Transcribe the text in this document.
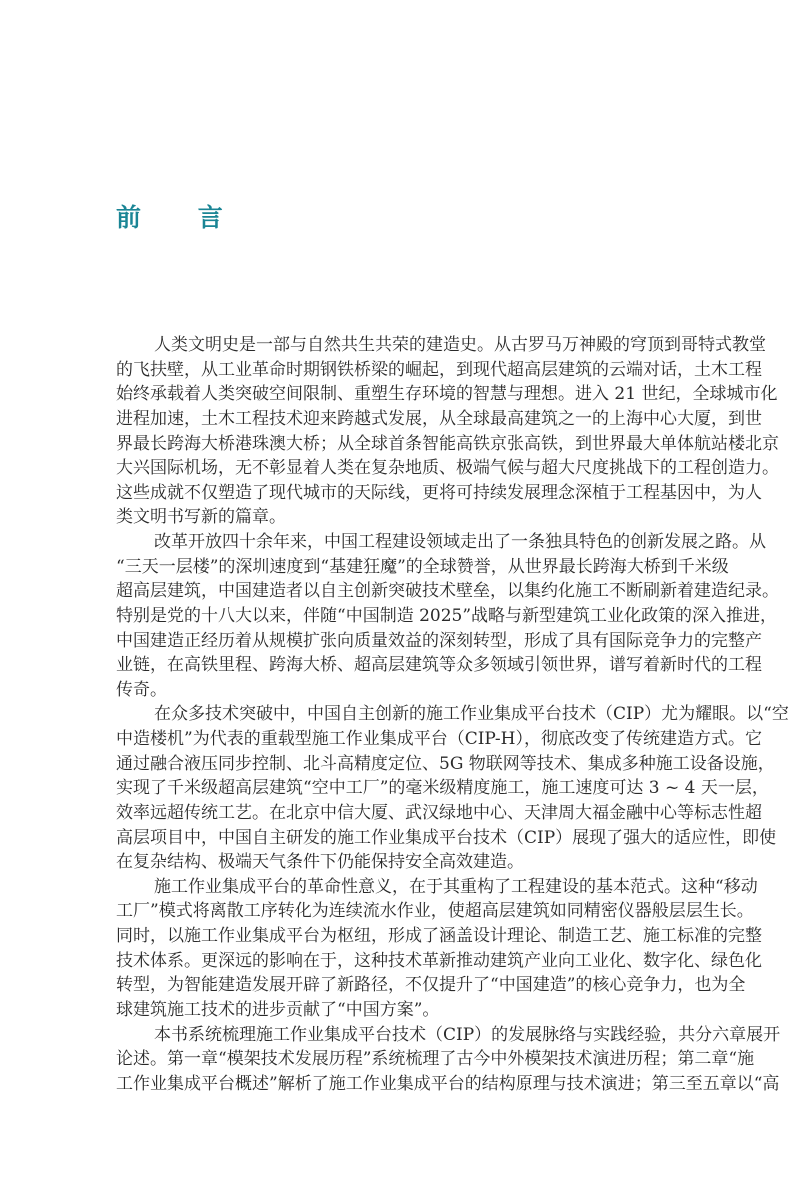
前 言
人类文明史是一部与自然共生共荣的建造史。从古罗马万神殿的穹顶到哥特式教堂
的飞扶壁，从工业革命时期钢铁桥梁的崛起，到现代超高层建筑的云端对话，土木工程
始终承载着人类突破空间限制、重塑生存环境的智慧与理想。进入 21 世纪，全球城市化
进程加速，土木工程技术迎来跨越式发展，从全球最高建筑之一的上海中心大厦，到世
界最长跨海大桥港珠澳大桥；从全球首条智能高铁京张高铁，到世界最大单体航站楼北京
大兴国际机场，无不彰显着人类在复杂地质、极端气候与超大尺度挑战下的工程创造力。
这些成就不仅塑造了现代城市的天际线，更将可持续发展理念深植于工程基因中，为人
类文明书写新的篇章。
改革开放四十余年来，中国工程建设领域走出了一条独具特色的创新发展之路。从
“三天一层楼”的深圳速度到“基建狂魔”的全球赞誉，从世界最长跨海大桥到千米级
超高层建筑，中国建造者以自主创新突破技术壁垒，以集约化施工不断刷新着建造纪录。
特别是党的十八大以来，伴随“中国制造 2025”战略与新型建筑工业化政策的深入推进，
中国建造正经历着从规模扩张向质量效益的深刻转型，形成了具有国际竞争力的完整产
业链，在高铁里程、跨海大桥、超高层建筑等众多领域引领世界，谱写着新时代的工程
传奇。
在众多技术突破中，中国自主创新的施工作业集成平台技术（CIP）尤为耀眼。以“空
中造楼机”为代表的重载型施工作业集成平台（CIP-H），彻底改变了传统建造方式。它
通过融合液压同步控制、北斗高精度定位、5G 物联网等技术、集成多种施工设备设施，
实现了千米级超高层建筑“空中工厂”的毫米级精度施工，施工速度可达 3 ~ 4 天一层，
效率远超传统工艺。在北京中信大厦、武汉绿地中心、天津周大福金融中心等标志性超
高层项目中，中国自主研发的施工作业集成平台技术（CIP）展现了强大的适应性，即使
在复杂结构、极端天气条件下仍能保持安全高效建造。
施工作业集成平台的革命性意义，在于其重构了工程建设的基本范式。这种“移动
工厂”模式将离散工序转化为连续流水作业，使超高层建筑如同精密仪器般层层生长。
同时，以施工作业集成平台为枢纽，形成了涵盖设计理论、制造工艺、施工标准的完整
技术体系。更深远的影响在于，这种技术革新推动建筑产业向工业化、数字化、绿色化
转型，为智能建造发展开辟了新路径，不仅提升了“中国建造”的核心竞争力，也为全
球建筑施工技术的进步贡献了“中国方案”。
本书系统梳理施工作业集成平台技术（CIP）的发展脉络与实践经验，共分六章展开
论述。第一章“模架技术发展历程”系统梳理了古今中外模架技术演进历程；第二章“施
工作业集成平台概述”解析了施工作业集成平台的结构原理与技术演进；第三至五章以“高
